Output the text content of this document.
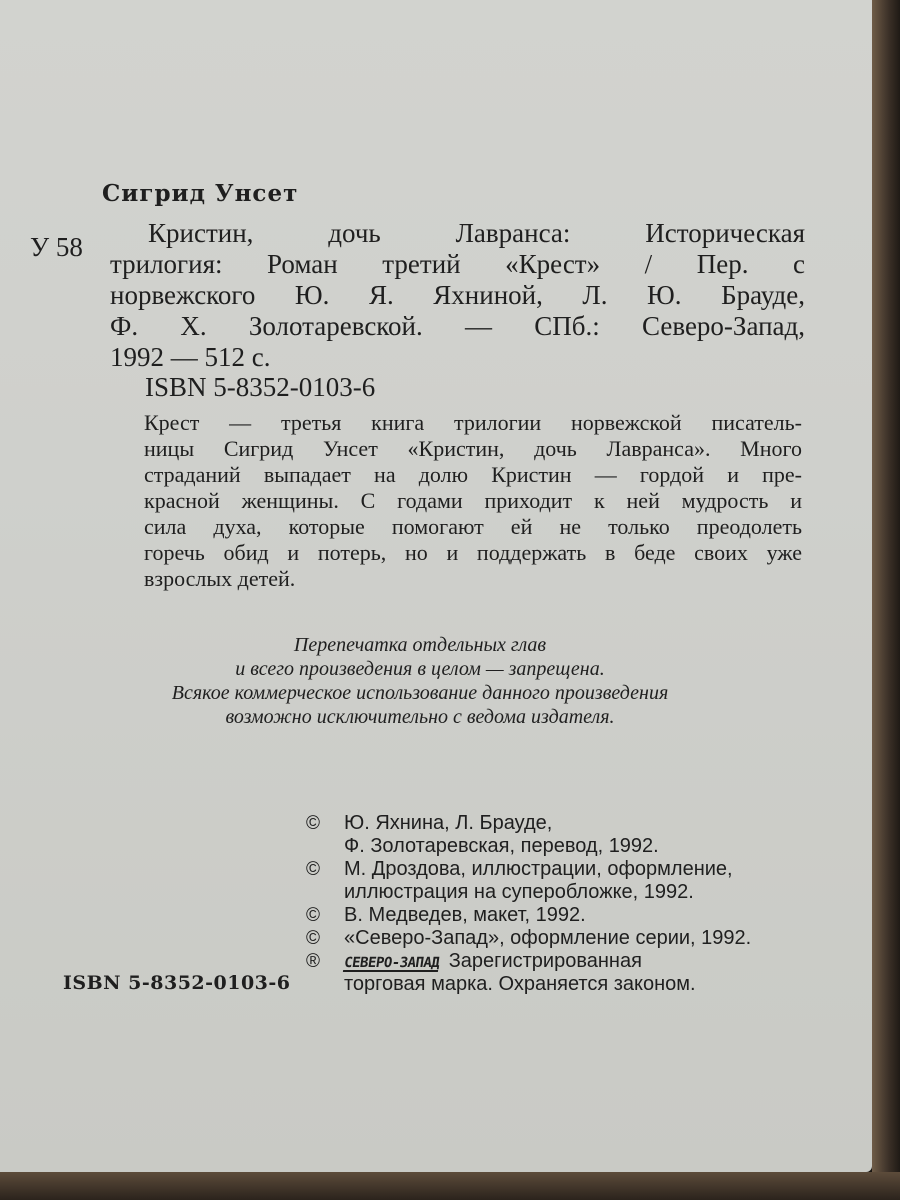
Сигрид Унсет
У 58	Кристин, дочь Лавранса: Историческая
трилогия: Роман третий «Крест» / Пер. с
норвежского Ю. Я. Яхниной, Л. Ю. Брауде,
Ф. Х. Золотаревской. — СПб.: Северо-Запад,
1992 — 512 с.
ISBN 5-8352-0103-6
Крест — третья книга трилогии норвежской писатель-
ницы Сигрид Унсет «Кристин, дочь Лавранса». Много
страданий выпадает на долю Кристин — гордой и пре-
красной женщины. С годами приходит к ней мудрость и
сила духа, которые помогают ей не только преодолеть
горечь обид и потерь, но и поддержать в беде своих уже
взрослых детей.
Перепечатка отдельных глав
и всего произведения в целом — запрещена.
Всякое коммерческое использование данного произведения
возможно исключительно с ведома издателя.
© Ю. Яхнина, Л. Брауде,
Ф. Золотаревская, перевод, 1992.
© М. Дроздова, иллюстрации, оформление,
иллюстрация на суперобложке, 1992.
© В. Медведев, макет, 1992.
© «Северо-Запад», оформление серии, 1992.
® СЕВЕРО-ЗАПАД Зарегистрированная
торговая марка. Охраняется законом.
ISBN 5-8352-0103-6
